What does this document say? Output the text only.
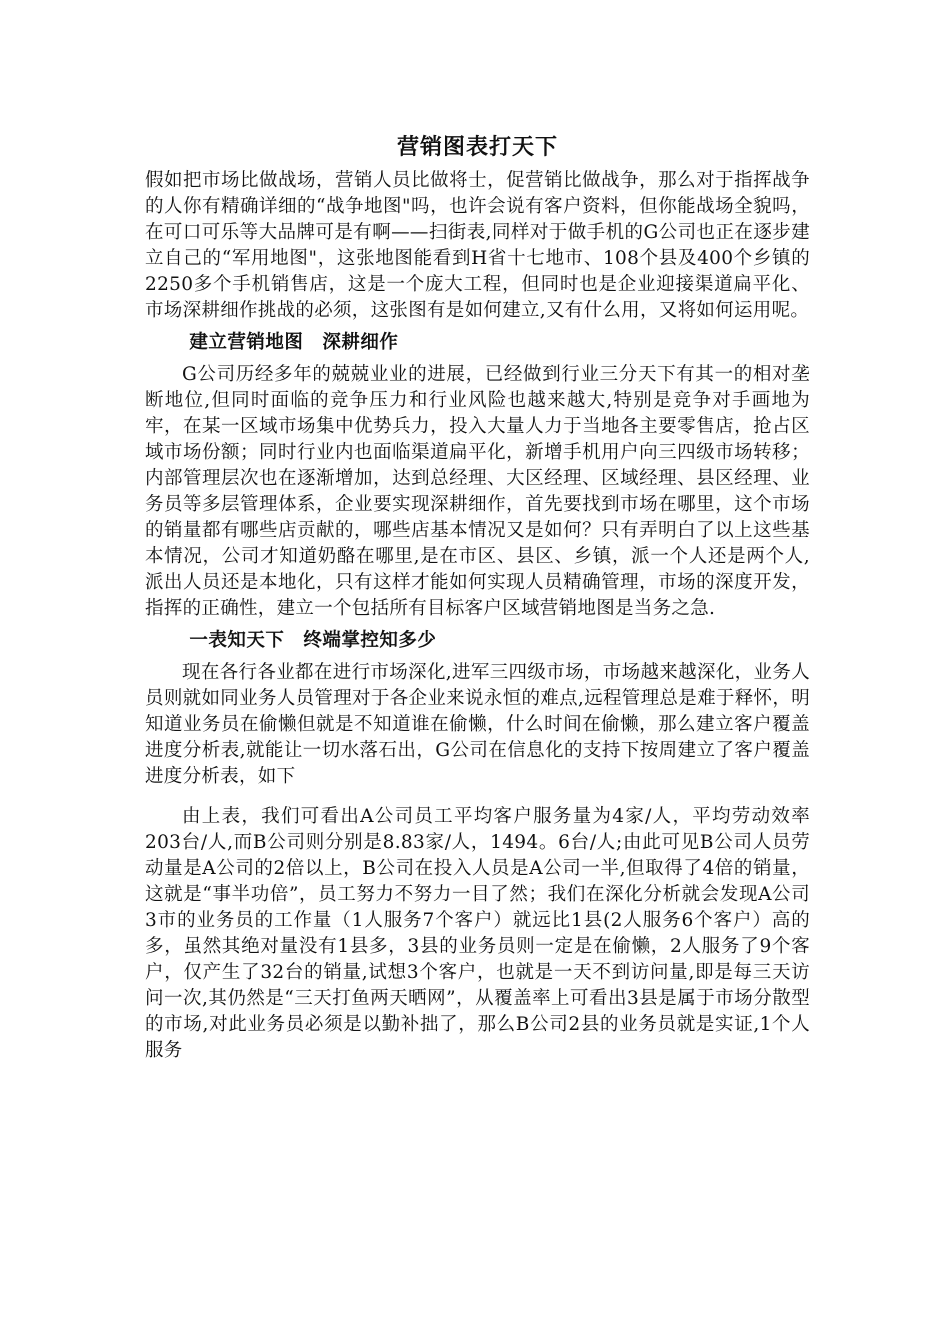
营销图表打天下

假如把市场比做战场，营销人员比做将士，促营销比做战争，那么对于指挥战争的人你有精确详细的“战争地图"吗，也许会说有客户资料，但你能战场全貌吗，在可口可乐等大品牌可是有啊——扫街表,同样对于做手机的G公司也正在逐步建立自己的“军用地图"，这张地图能看到H省十七地市、108个县及400个乡镇的2250多个手机销售店，这是一个庞大工程，但同时也是企业迎接渠道扁平化、市场深耕细作挑战的必须，这张图有是如何建立,又有什么用，又将如何运用呢。

建立营销地图　深耕细作

G公司历经多年的兢兢业业的进展，已经做到行业三分天下有其一的相对垄断地位,但同时面临的竞争压力和行业风险也越来越大,特别是竞争对手画地为牢，在某一区域市场集中优势兵力，投入大量人力于当地各主要零售店，抢占区域市场份额；同时行业内也面临渠道扁平化，新增手机用户向三四级市场转移；内部管理层次也在逐渐增加，达到总经理、大区经理、区域经理、县区经理、业务员等多层管理体系，企业要实现深耕细作，首先要找到市场在哪里，这个市场的销量都有哪些店贡献的，哪些店基本情况又是如何？只有弄明白了以上这些基本情况，公司才知道奶酪在哪里,是在市区、县区、乡镇，派一个人还是两个人,派出人员还是本地化，只有这样才能如何实现人员精确管理，市场的深度开发，指挥的正确性，建立一个包括所有目标客户区域营销地图是当务之急.

一表知天下　终端掌控知多少

现在各行各业都在进行市场深化,进军三四级市场，市场越来越深化，业务人员则就如同业务人员管理对于各企业来说永恒的难点,远程管理总是难于释怀，明知道业务员在偷懒但就是不知道谁在偷懒，什么时间在偷懒，那么建立客户覆盖进度分析表,就能让一切水落石出，G公司在信息化的支持下按周建立了客户覆盖进度分析表，如下

由上表，我们可看出A公司员工平均客户服务量为4家/人，平均劳动效率203台/人,而B公司则分别是8.83家/人，1494。6台/人;由此可见B公司人员劳动量是A公司的2倍以上，B公司在投入人员是A公司一半,但取得了4倍的销量，这就是“事半功倍”，员工努力不努力一目了然；我们在深化分析就会发现A公司3市的业务员的工作量（1人服务7个客户）就远比1县(2人服务6个客户）高的多，虽然其绝对量没有1县多，3县的业务员则一定是在偷懒，2人服务了9个客户，仅产生了32台的销量,试想3个客户，也就是一天不到访问量,即是每三天访问一次,其仍然是“三天打鱼两天晒网”，从覆盖率上可看出3县是属于市场分散型的市场,对此业务员必须是以勤补拙了，那么B公司2县的业务员就是实证,1个人服务
